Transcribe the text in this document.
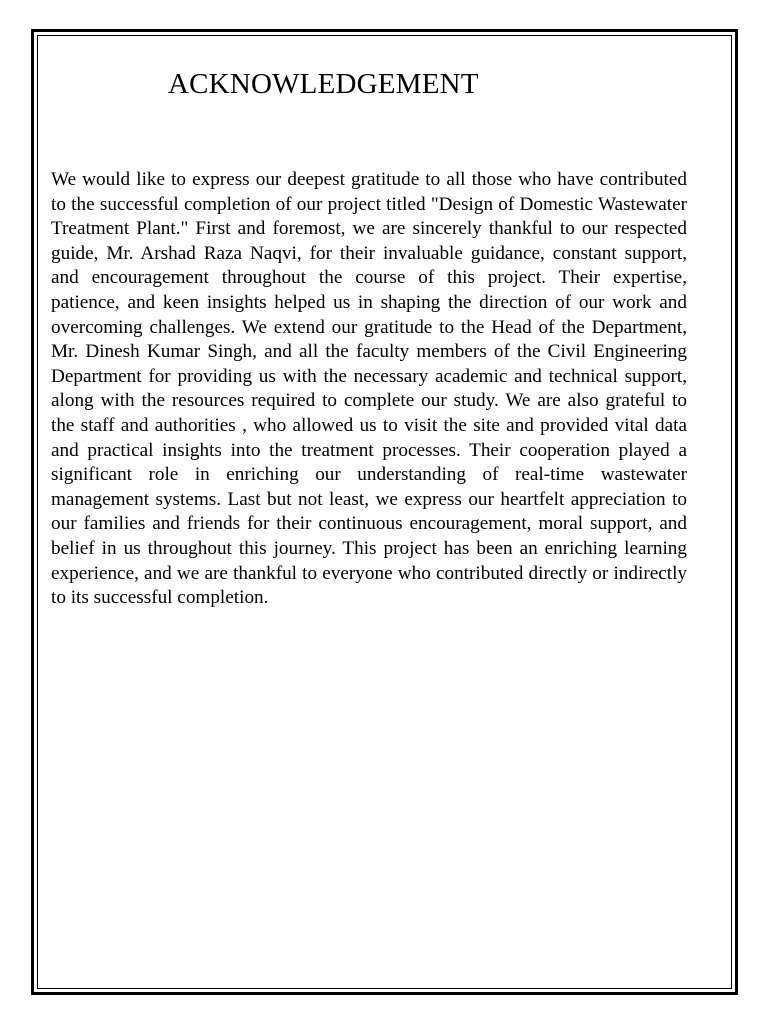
ACKNOWLEDGEMENT

We would like to express our deepest gratitude to all those who have contributed to the successful completion of our project titled "Design of Domestic Wastewater Treatment Plant." First and foremost, we are sincerely thankful to our respected guide, Mr. Arshad Raza Naqvi, for their invaluable guidance, constant support, and encouragement throughout the course of this project. Their expertise, patience, and keen insights helped us in shaping the direction of our work and overcoming challenges. We extend our gratitude to the Head of the Department, Mr. Dinesh Kumar Singh, and all the faculty members of the Civil Engineering Department for providing us with the necessary academic and technical support, along with the resources required to complete our study. We are also grateful to the staff and authorities , who allowed us to visit the site and provided vital data and practical insights into the treatment processes. Their cooperation played a significant role in enriching our understanding of real-time wastewater management systems. Last but not least, we express our heartfelt appreciation to our families and friends for their continuous encouragement, moral support, and belief in us throughout this journey. This project has been an enriching learning experience, and we are thankful to everyone who contributed directly or indirectly to its successful completion.
